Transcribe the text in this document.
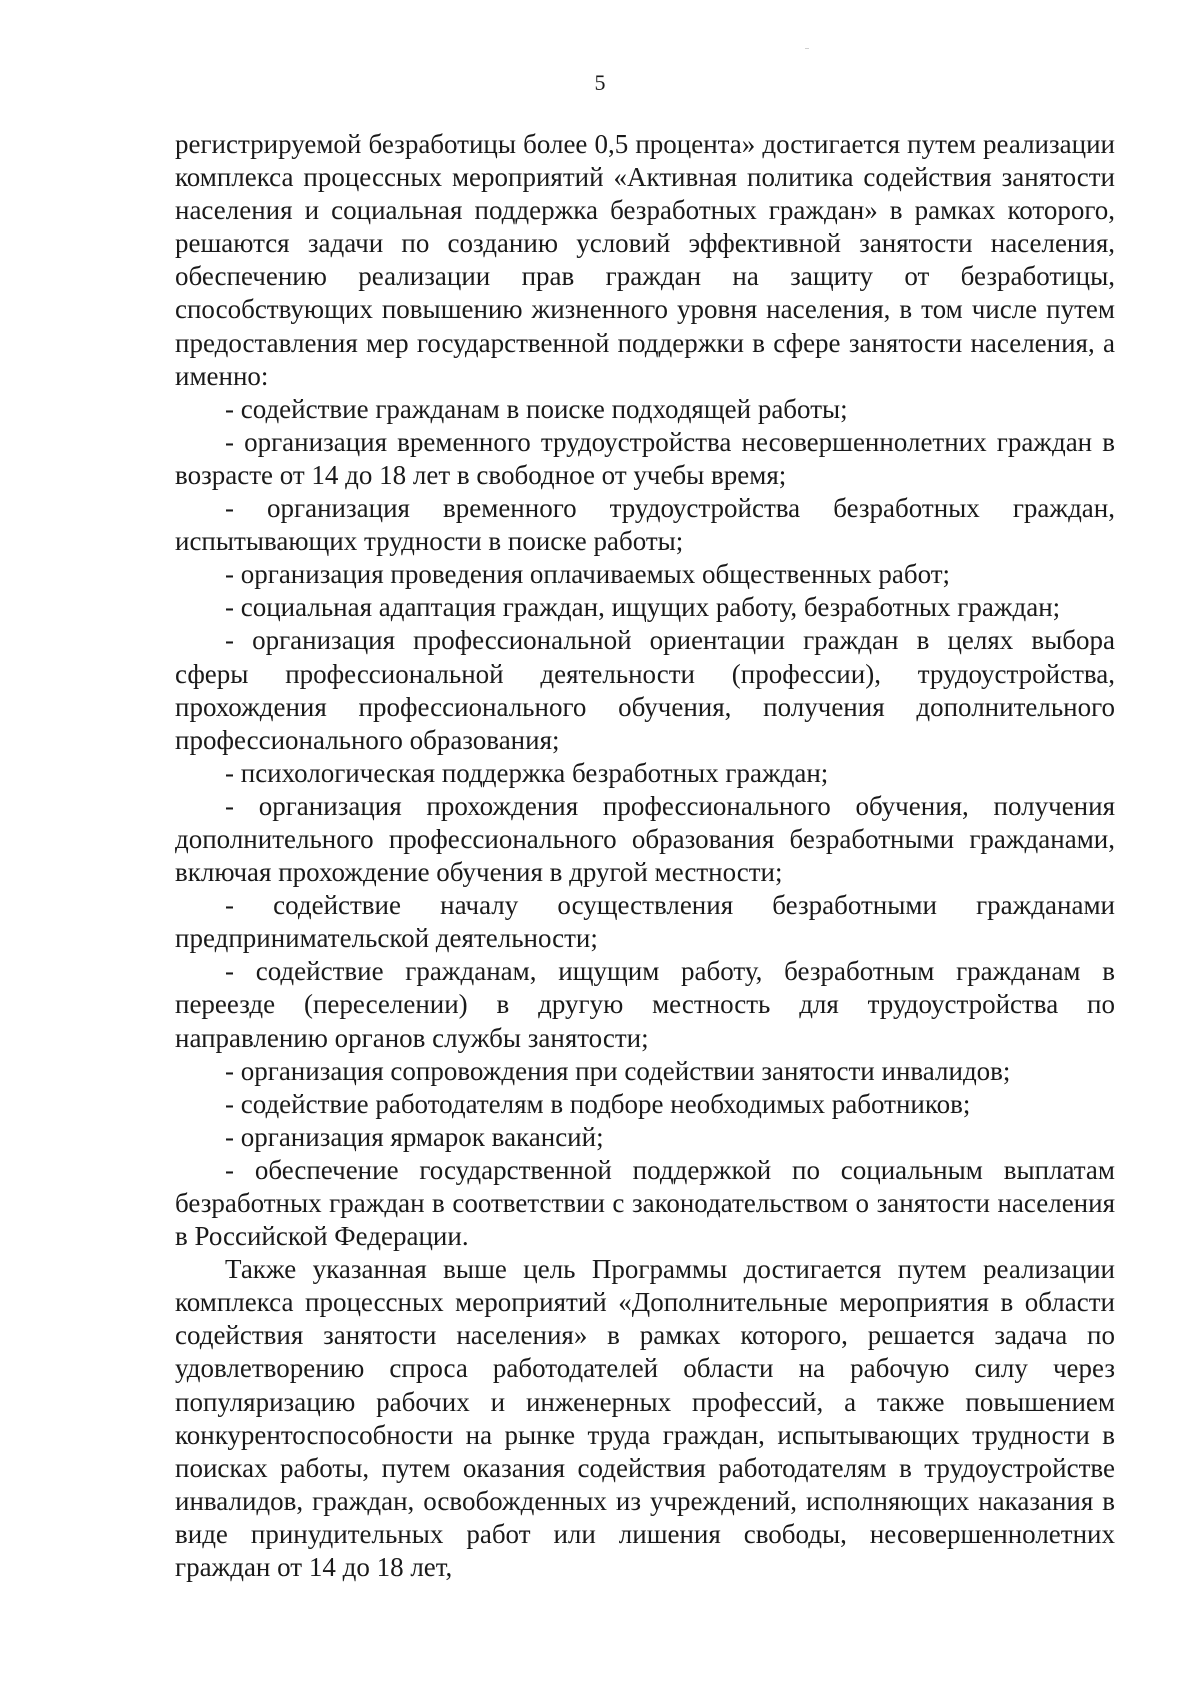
5

регистрируемой безработицы более 0,5 процента» достигается путем реализации комплекса процессных мероприятий «Активная политика содействия занятости населения и социальная поддержка безработных граждан» в рамках которого, решаются задачи по созданию условий эффективной занятости населения, обеспечению реализации прав граждан на защиту от безработицы, способствующих повышению жизненного уровня населения, в том числе путем предоставления мер государственной поддержки в сфере занятости населения, а именно:

- содействие гражданам в поиске подходящей работы;

- организация временного трудоустройства несовершеннолетних граждан в возрасте от 14 до 18 лет в свободное от учебы время;

- организация временного трудоустройства безработных граждан, испытывающих трудности в поиске работы;

- организация проведения оплачиваемых общественных работ;

- социальная адаптация граждан, ищущих работу, безработных граждан;

- организация профессиональной ориентации граждан в целях выбора сферы профессиональной деятельности (профессии), трудоустройства, прохождения профессионального обучения, получения дополнительного профессионального образования;

- психологическая поддержка безработных граждан;

- организация прохождения профессионального обучения, получения дополнительного профессионального образования безработными гражданами, включая прохождение обучения в другой местности;

- содействие началу осуществления безработными гражданами предпринимательской деятельности;

- содействие гражданам, ищущим работу, безработным гражданам в переезде (переселении) в другую местность для трудоустройства по направлению органов службы занятости;

- организация сопровождения при содействии занятости инвалидов;

- содействие работодателям в подборе необходимых работников;

- организация ярмарок вакансий;

- обеспечение государственной поддержкой по социальным выплатам безработных граждан в соответствии с законодательством о занятости населения в Российской Федерации.

Также указанная выше цель Программы достигается путем реализации комплекса процессных мероприятий «Дополнительные мероприятия в области содействия занятости населения» в рамках которого, решается задача по удовлетворению спроса работодателей области на рабочую силу через популяризацию рабочих и инженерных профессий, а также повышением конкурентоспособности на рынке труда граждан, испытывающих трудности в поисках работы, путем оказания содействия работодателям в трудоустройстве инвалидов, граждан, освобожденных из учреждений, исполняющих наказания в виде принудительных работ или лишения свободы, несовершеннолетних граждан от 14 до 18 лет,
